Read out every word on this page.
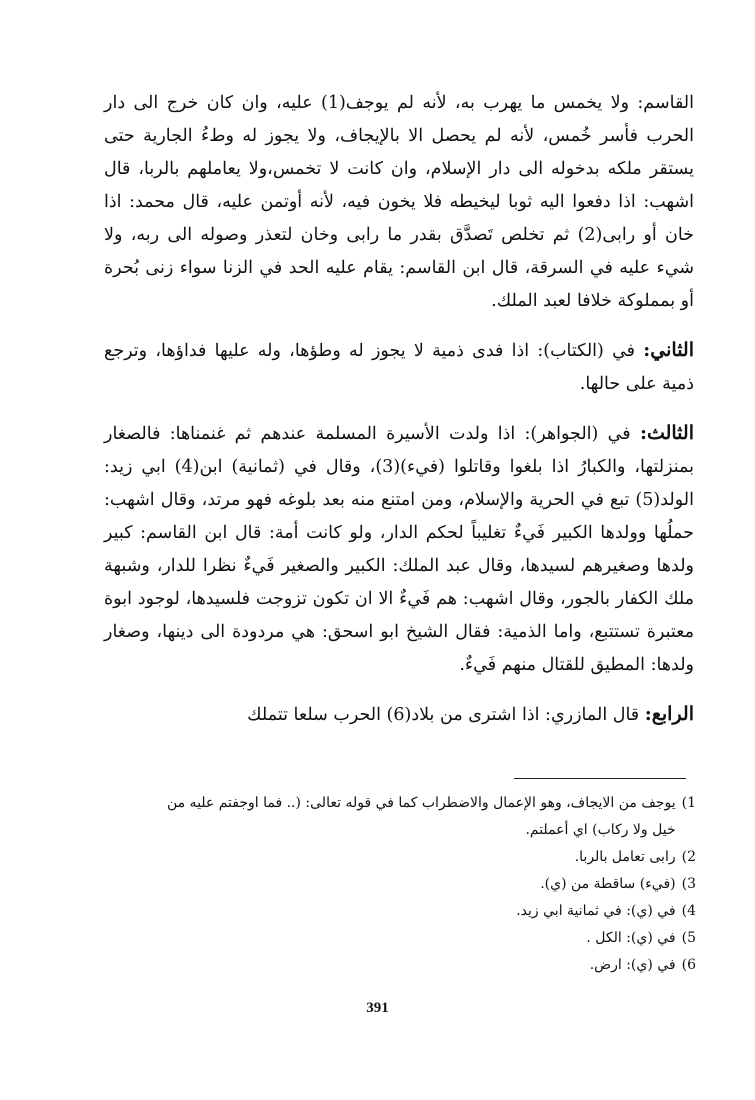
القاسم: ولا يخمس ما يهرب به، لأنه لم يوجف(1) عليه، وان كان خرج الى دار الحرب فأسر خُمس، لأنه لم يحصل الا بالإيجاف، ولا يجوز له وطءُ الجارية حتى يستقر ملكه بدخوله الى دار الإسلام، وان كانت لا تخمس،ولا يعاملهم بالربا، قال اشهب: اذا دفعوا اليه ثوبا ليخيطه فلا يخون فيه، لأنه أوتمن عليه، قال محمد: اذا خان أو رابى(2) ثم تخلص تَصدَّق بقدر ما رابى وخان لتعذر وصوله الى ربه، ولا شيء عليه في السرقة، قال ابن القاسم: يقام عليه الحد في الزنا سواء زنى بُحرة أو بمملوكة خلافا لعبد الملك.

الثاني: في (الكتاب): اذا فدى ذمية لا يجوز له وطؤها، وله عليها فداؤها، وترجع ذمية على حالها.

الثالث: في (الجواهر): اذا ولدت الأسيرة المسلمة عندهم ثم غنمناها: فالصغار بمنزلتها، والكبارُ اذا بلغوا وقاتلوا (فيء)(3)، وقال في (ثمانية) ابن(4) ابي زيد: الولد(5) تبع في الحرية والإسلام، ومن امتنع منه بعد بلوغه فهو مرتد، وقال اشهب: حملُها وولدها الكبير فَيءٌ تغليباً لحكم الدار، ولو كانت أمة: قال ابن القاسم: كبير ولدها وصغيرهم لسيدها، وقال عبد الملك: الكبير والصغير فَيءٌ نظرا للدار، وشبهة ملك الكفار بالجور، وقال اشهب: هم فَيءٌ الا ان تكون تزوجت فلسيدها، لوجود ابوة معتبرة تستتبع، واما الذمية: فقال الشيخ ابو اسحق: هي مردودة الى دينها، وصغار ولدها: المطيق للقتال منهم فَيءٌ.

الرابع: قال المازري: اذا اشترى من بلاد(6) الحرب سلعا تتملك

1)
يوجف من الايجاف، وهو الإعمال والاضطراب كما في قوله تعالى: (.. فما اوجفتم عليه من خيل ولا ركاب) اي أعملتم.
2)
رابى تعامل بالربا.
3)
(فيء) ساقطة من (ي).
4)
في (ي): في ثمانية ابي زيد.
5)
في (ي): الكل .
6)
في (ي): ارض.
391
